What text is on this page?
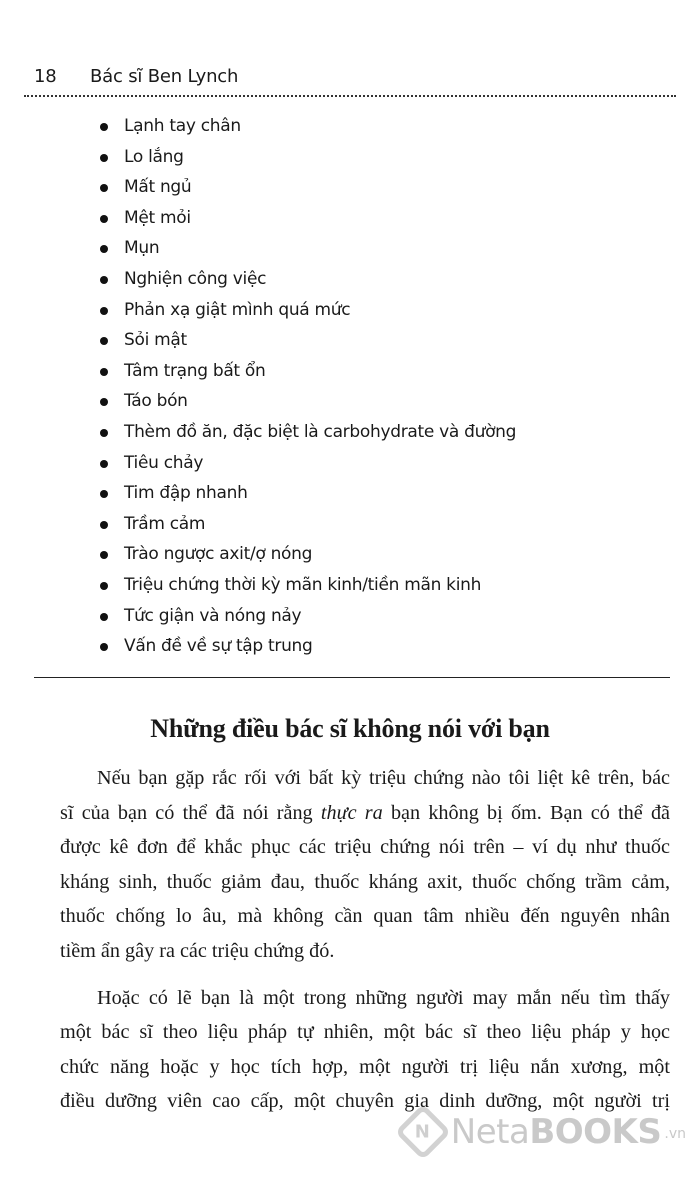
18 Bác sĩ Ben Lynch
Lạnh tay chân
Lo lắng
Mất ngủ
Mệt mỏi
Mụn
Nghiện công việc
Phản xạ giật mình quá mức
Sỏi mật
Tâm trạng bất ổn
Táo bón
Thèm đồ ăn, đặc biệt là carbohydrate và đường
Tiêu chảy
Tim đập nhanh
Trầm cảm
Trào ngược axit/ợ nóng
Triệu chứng thời kỳ mãn kinh/tiền mãn kinh
Tức giận và nóng nảy
Vấn đề về sự tập trung
Những điều bác sĩ không nói với bạn

Nếu bạn gặp rắc rối với bất kỳ triệu chứng nào tôi liệt kê trên, bác
sĩ của bạn có thể đã nói rằng thực ra bạn không bị ốm. Bạn có thể đã
được kê đơn để khắc phục các triệu chứng nói trên – ví dụ như thuốc
kháng sinh, thuốc giảm đau, thuốc kháng axit, thuốc chống trầm cảm,
thuốc chống lo âu, mà không cần quan tâm nhiều đến nguyên nhân
tiềm ẩn gây ra các triệu chứng đó.

Hoặc có lẽ bạn là một trong những người may mắn nếu tìm thấy
một bác sĩ theo liệu pháp tự nhiên, một bác sĩ theo liệu pháp y học
chức năng hoặc y học tích hợp, một người trị liệu nắn xương, một
điều dưỡng viên cao cấp, một chuyên gia dinh dưỡng, một người trị

N NetaBOOKS .vn
